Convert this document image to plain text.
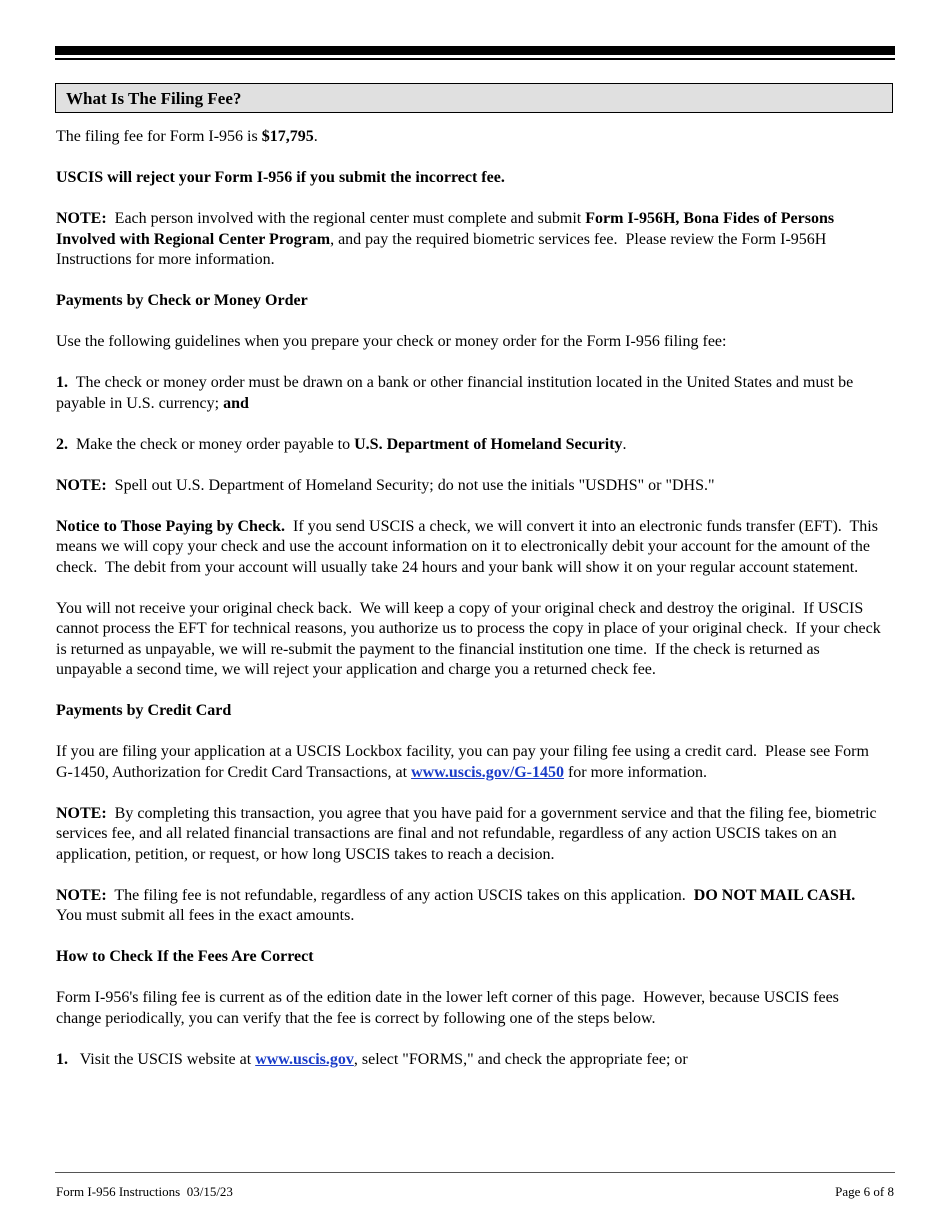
What Is The Filing Fee?

The filing fee for Form I-956 is $17,795.

USCIS will reject your Form I-956 if you submit the incorrect fee.

NOTE:  Each person involved with the regional center must complete and submit Form I-956H, Bona Fides of Persons Involved with Regional Center Program, and pay the required biometric services fee.  Please review the Form I-956H Instructions for more information.

Payments by Check or Money Order

Use the following guidelines when you prepare your check or money order for the Form I-956 filing fee:

1.  The check or money order must be drawn on a bank or other financial institution located in the United States and must be payable in U.S. currency; and

2.  Make the check or money order payable to U.S. Department of Homeland Security.

NOTE:  Spell out U.S. Department of Homeland Security; do not use the initials "USDHS" or "DHS."

Notice to Those Paying by Check.  If you send USCIS a check, we will convert it into an electronic funds transfer (EFT).  This means we will copy your check and use the account information on it to electronically debit your account for the amount of the check.  The debit from your account will usually take 24 hours and your bank will show it on your regular account statement.

You will not receive your original check back.  We will keep a copy of your original check and destroy the original.  If USCIS cannot process the EFT for technical reasons, you authorize us to process the copy in place of your original check.  If your check is returned as unpayable, we will re-submit the payment to the financial institution one time.  If the check is returned as unpayable a second time, we will reject your application and charge you a returned check fee.

Payments by Credit Card

If you are filing your application at a USCIS Lockbox facility, you can pay your filing fee using a credit card.  Please see Form G-1450, Authorization for Credit Card Transactions, at www.uscis.gov/G-1450 for more information.

NOTE:  By completing this transaction, you agree that you have paid for a government service and that the filing fee, biometric services fee, and all related financial transactions are final and not refundable, regardless of any action USCIS takes on an application, petition, or request, or how long USCIS takes to reach a decision.

NOTE:  The filing fee is not refundable, regardless of any action USCIS takes on this application.  DO NOT MAIL CASH.  You must submit all fees in the exact amounts.

How to Check If the Fees Are Correct

Form I-956's filing fee is current as of the edition date in the lower left corner of this page.  However, because USCIS fees change periodically, you can verify that the fee is correct by following one of the steps below.

1.   Visit the USCIS website at www.uscis.gov, select "FORMS," and check the appropriate fee; or

Form I-956 Instructions  03/15/23	Page 6 of 8
